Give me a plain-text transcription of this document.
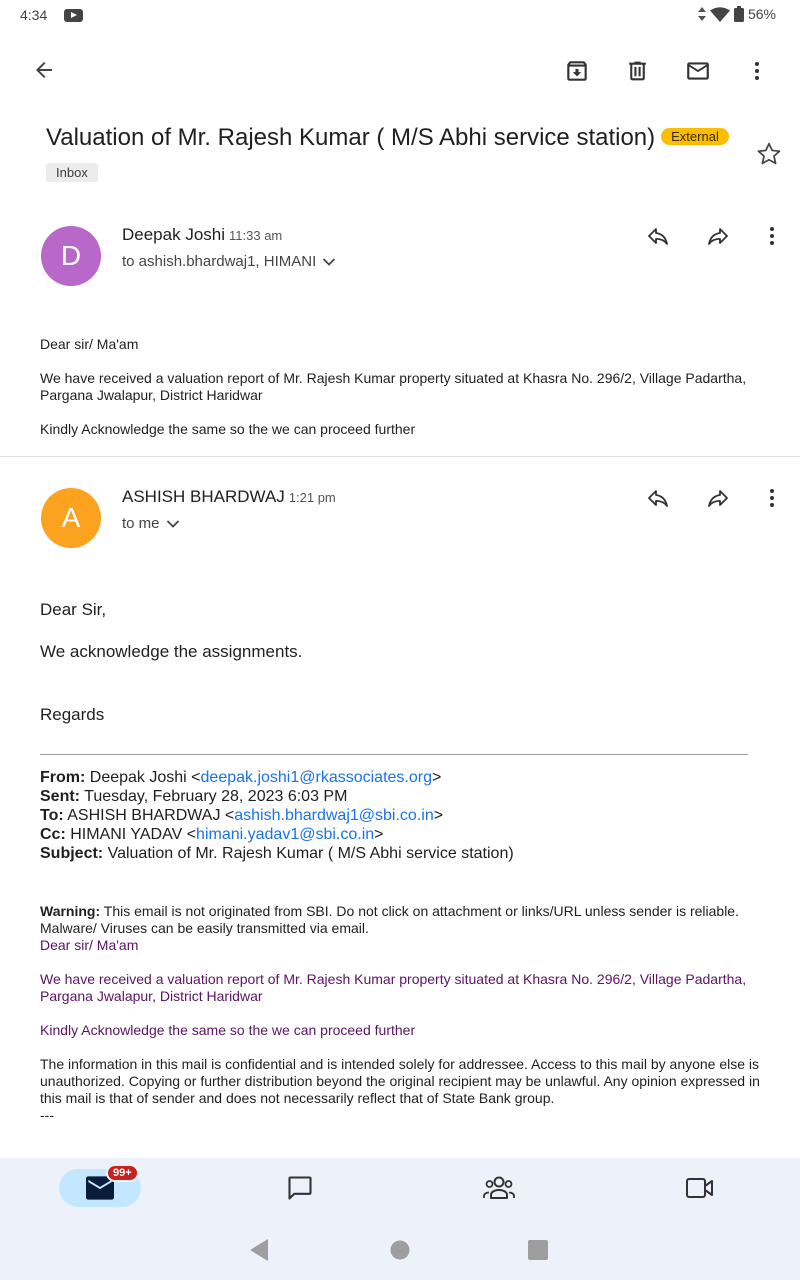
4:34	56%
Valuation of Mr. Rajesh Kumar ( M/S Abhi service station) External
Inbox
D
Deepak Joshi 11:33 am
to ashish.bhardwaj1, HIMANI

Dear sir/ Ma'am

We have received a valuation report of Mr. Rajesh Kumar property situated at Khasra No. 296/2, Village Padartha, Pargana Jwalapur, District Haridwar

Kindly Acknowledge the same so the we can proceed further

A
ASHISH BHARDWAJ 1:21 pm
to me
Dear Sir,
We acknowledge the assignments.
Regards
From: Deepak Joshi <deepak.joshi1@rkassociates.org>
Sent: Tuesday, February 28, 2023 6:03 PM
To: ASHISH BHARDWAJ <ashish.bhardwaj1@sbi.co.in>
Cc: HIMANI YADAV <himani.yadav1@sbi.co.in>
Subject: Valuation of Mr. Rajesh Kumar ( M/S Abhi service station)

Warning: This email is not originated from SBI. Do not click on attachment or links/URL unless sender is reliable. Malware/ Viruses can be easily transmitted via email.

Dear sir/ Ma'am

We have received a valuation report of Mr. Rajesh Kumar property situated at Khasra No. 296/2, Village Padartha, Pargana Jwalapur, District Haridwar

Kindly Acknowledge the same so the we can proceed further

The information in this mail is confidential and is intended solely for addressee. Access to this mail by anyone else is unauthorized. Copying or further distribution beyond the original recipient may be unlawful. Any opinion expressed in this mail is that of sender and does not necessarily reflect that of State Bank group.

---

99+
